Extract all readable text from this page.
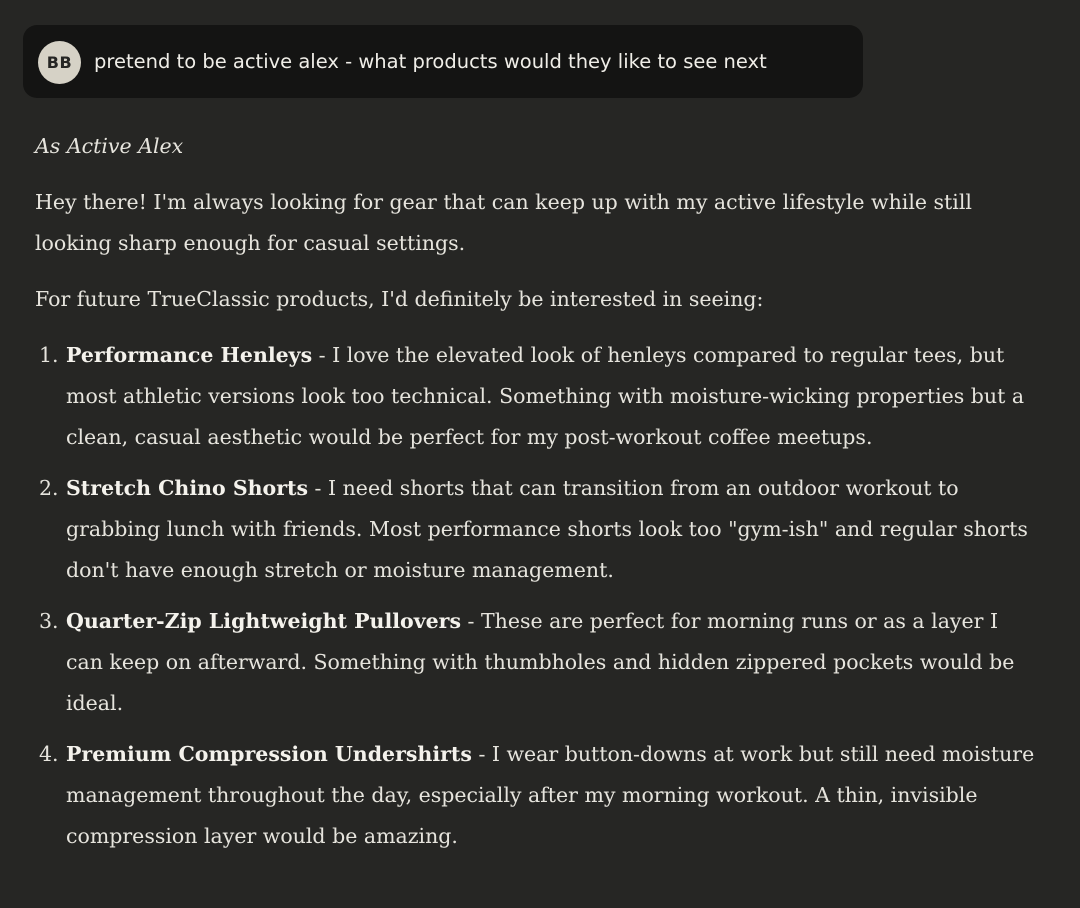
BB	pretend to be active alex - what products would they like to see next

As Active Alex

Hey there! I'm always looking for gear that can keep up with my active lifestyle while still looking sharp enough for casual settings.

For future TrueClassic products, I'd definitely be interested in seeing:

1. Performance Henleys - I love the elevated look of henleys compared to regular tees, but most athletic versions look too technical. Something with moisture-wicking properties but a clean, casual aesthetic would be perfect for my post-workout coffee meetups.
2. Stretch Chino Shorts - I need shorts that can transition from an outdoor workout to grabbing lunch with friends. Most performance shorts look too "gym-ish" and regular shorts don't have enough stretch or moisture management.
3. Quarter-Zip Lightweight Pullovers - These are perfect for morning runs or as a layer I can keep on afterward. Something with thumbholes and hidden zippered pockets would be ideal.
4. Premium Compression Undershirts - I wear button-downs at work but still need moisture management throughout the day, especially after my morning workout. A thin, invisible compression layer would be amazing.
